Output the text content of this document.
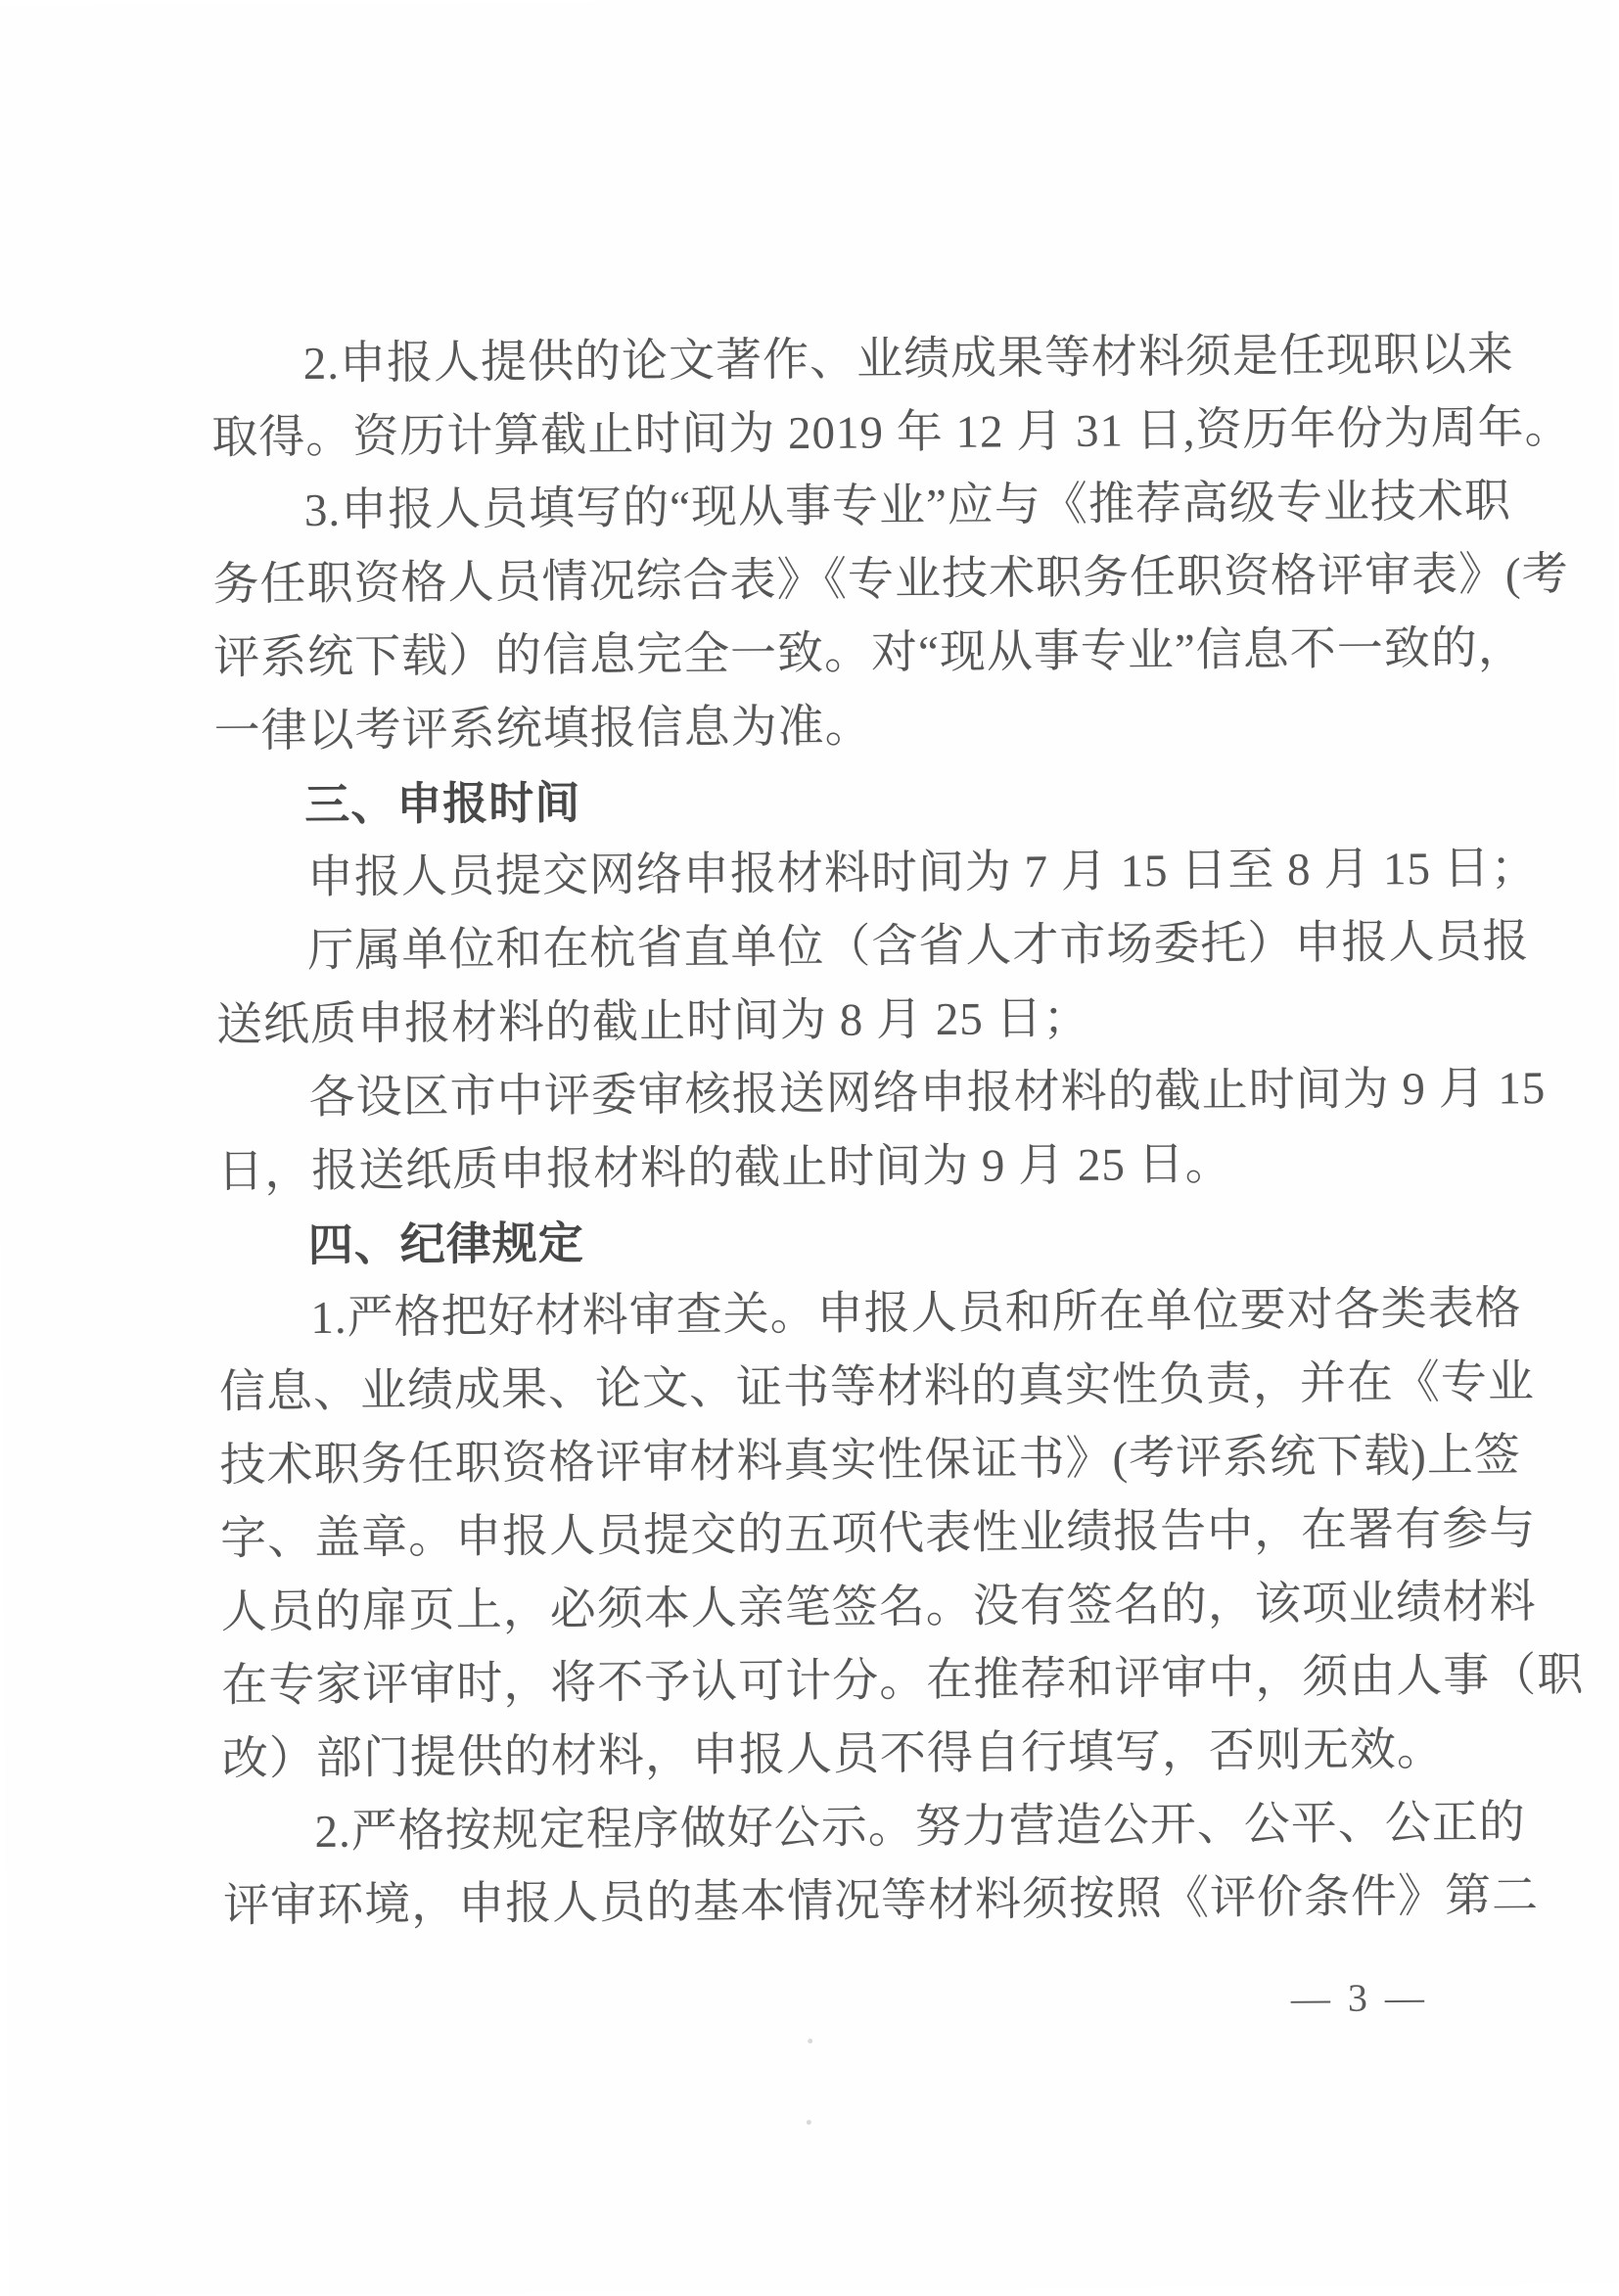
2.申报人提供的论文著作、业绩成果等材料须是任现职以来
取得。资历计算截止时间为 2019 年 12 月 31 日,资历年份为周年。
3.申报人员填写的“现从事专业”应与《推荐高级专业技术职
务任职资格人员情况综合表》《专业技术职务任职资格评审表》(考
评系统下载）的信息完全一致。对“现从事专业”信息不一致的，
一律以考评系统填报信息为准。
三、申报时间
申报人员提交网络申报材料时间为 7 月 15 日至 8 月 15 日；
厅属单位和在杭省直单位（含省人才市场委托）申报人员报
送纸质申报材料的截止时间为 8 月 25 日；
各设区市中评委审核报送网络申报材料的截止时间为 9 月 15
日，报送纸质申报材料的截止时间为 9 月 25 日。
四、纪律规定
1.严格把好材料审查关。申报人员和所在单位要对各类表格
信息、业绩成果、论文、证书等材料的真实性负责，并在《专业
技术职务任职资格评审材料真实性保证书》(考评系统下载)上签
字、盖章。申报人员提交的五项代表性业绩报告中，在署有参与
人员的扉页上，必须本人亲笔签名。没有签名的，该项业绩材料
在专家评审时，将不予认可计分。在推荐和评审中，须由人事（职
改）部门提供的材料，申报人员不得自行填写，否则无效。
2.严格按规定程序做好公示。努力营造公开、公平、公正的
评审环境，申报人员的基本情况等材料须按照《评价条件》第二
— 3 —
